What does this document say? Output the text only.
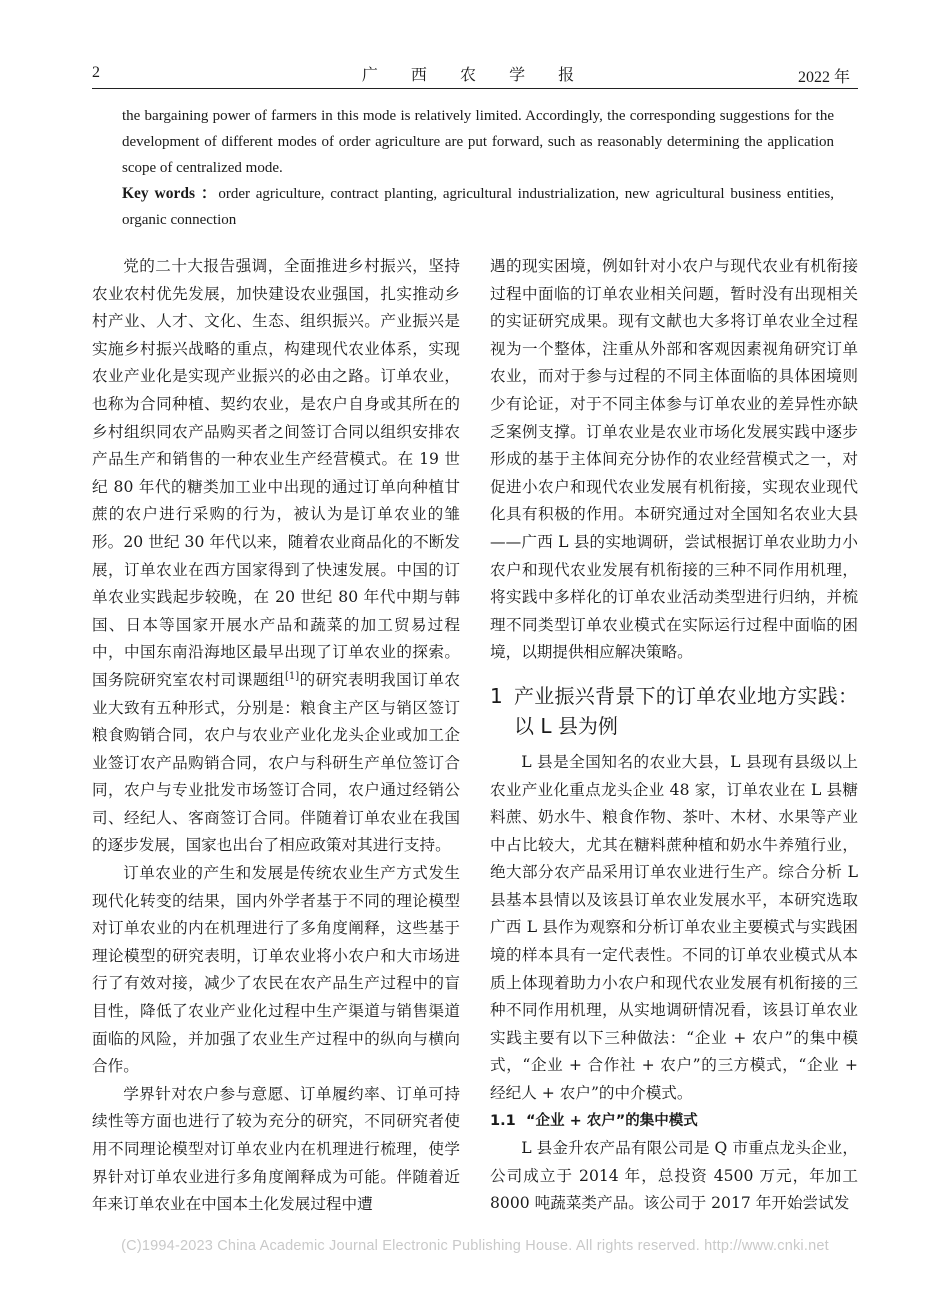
2	广 西 农 学 报	2022 年

the bargaining power of farmers in this mode is relatively limited. Accordingly, the corresponding suggestions for the development of different modes of order agriculture are put forward, such as reasonably determining the application scope of centralized mode.

Key words ：order agriculture, contract planting, agricultural industrialization, new agricultural business entities, organic connection

党的二十大报告强调，全面推进乡村振兴，坚持农业农村优先发展，加快建设农业强国，扎实推动乡村产业、人才、文化、生态、组织振兴。产业振兴是实施乡村振兴战略的重点，构建现代农业体系，实现农业产业化是实现产业振兴的必由之路。订单农业，也称为合同种植、契约农业，是农户自身或其所在的乡村组织同农产品购买者之间签订合同以组织安排农产品生产和销售的一种农业生产经营模式。在 19 世纪 80 年代的糖类加工业中出现的通过订单向种植甘蔗的农户进行采购的行为，被认为是订单农业的雏形。20 世纪 30 年代以来，随着农业商品化的不断发展，订单农业在西方国家得到了快速发展。中国的订单农业实践起步较晚，在 20 世纪 80 年代中期与韩国、日本等国家开展水产品和蔬菜的加工贸易过程中，中国东南沿海地区最早出现了订单农业的探索。国务院研究室农村司课题组[1]的研究表明我国订单农业大致有五种形式，分别是：粮食主产区与销区签订粮食购销合同，农户与农业产业化龙头企业或加工企业签订农产品购销合同，农户与科研生产单位签订合同，农户与专业批发市场签订合同，农户通过经销公司、经纪人、客商签订合同。伴随着订单农业在我国的逐步发展，国家也出台了相应政策对其进行支持。

订单农业的产生和发展是传统农业生产方式发生现代化转变的结果，国内外学者基于不同的理论模型对订单农业的内在机理进行了多角度阐释，这些基于理论模型的研究表明，订单农业将小农户和大市场进行了有效对接，减少了农民在农产品生产过程中的盲目性，降低了农业产业化过程中生产渠道与销售渠道面临的风险，并加强了农业生产过程中的纵向与横向合作。

学界针对农户参与意愿、订单履约率、订单可持续性等方面也进行了较为充分的研究，不同研究者使用不同理论模型对订单农业内在机理进行梳理，使学界针对订单农业进行多角度阐释成为可能。伴随着近年来订单农业在中国本土化发展过程中遭

遇的现实困境，例如针对小农户与现代农业有机衔接过程中面临的订单农业相关问题，暂时没有出现相关的实证研究成果。现有文献也大多将订单农业全过程视为一个整体，注重从外部和客观因素视角研究订单农业，而对于参与过程的不同主体面临的具体困境则少有论证，对于不同主体参与订单农业的差异性亦缺乏案例支撑。订单农业是农业市场化发展实践中逐步形成的基于主体间充分协作的农业经营模式之一，对促进小农户和现代农业发展有机衔接，实现农业现代化具有积极的作用。本研究通过对全国知名农业大县——广西 L 县的实地调研，尝试根据订单农业助力小农户和现代农业发展有机衔接的三种不同作用机理，将实践中多样化的订单农业活动类型进行归纳，并梳理不同类型订单农业模式在实际运行过程中面临的困境，以期提供相应解决策略。

1 产业振兴背景下的订单农业地方实践：以 L 县为例

L 县是全国知名的农业大县，L 县现有县级以上农业产业化重点龙头企业 48 家，订单农业在 L 县糖料蔗、奶水牛、粮食作物、茶叶、木材、水果等产业中占比较大，尤其在糖料蔗种植和奶水牛养殖行业，绝大部分农产品采用订单农业进行生产。综合分析 L 县基本县情以及该县订单农业发展水平，本研究选取广西 L 县作为观察和分析订单农业主要模式与实践困境的样本具有一定代表性。不同的订单农业模式从本质上体现着助力小农户和现代农业发展有机衔接的三种不同作用机理，从实地调研情况看，该县订单农业实践主要有以下三种做法：“企业 + 农户”的集中模式，“企业 + 合作社 + 农户”的三方模式，“企业 + 经纪人 + 农户”的中介模式。

1.1 “企业 + 农户”的集中模式

L 县金升农产品有限公司是 Q 市重点龙头企业，公司成立于 2014 年，总投资 4500 万元，年加工 8000 吨蔬菜类产品。该公司于 2017 年开始尝试发

(C)1994-2023 China Academic Journal Electronic Publishing House. All rights reserved. http://www.cnki.net
